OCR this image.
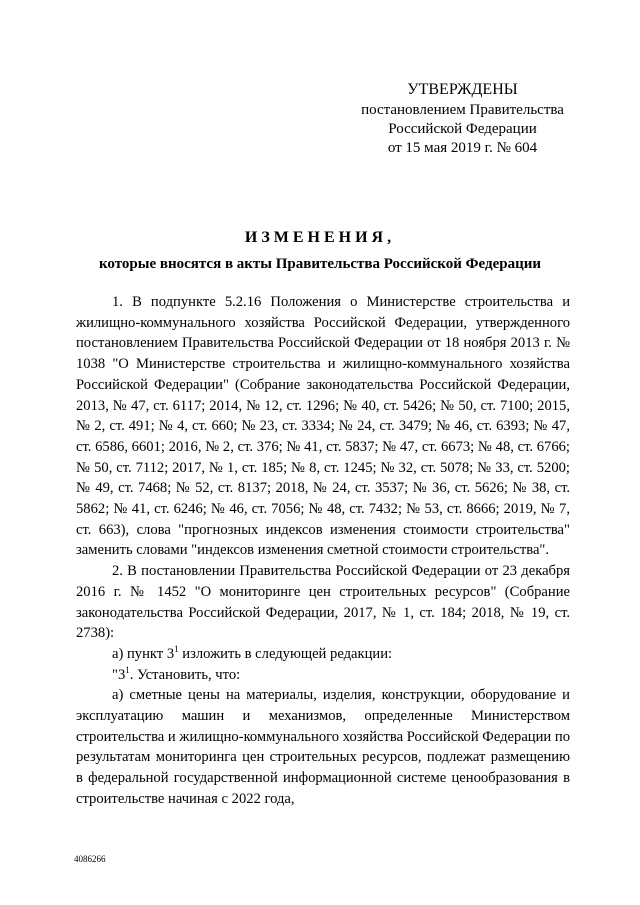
УТВЕРЖДЕНЫ
постановлением Правительства
Российской Федерации
от 15 мая 2019 г. № 604
ИЗМЕНЕНИЯ,
которые вносятся в акты Правительства Российской Федерации

1. В подпункте 5.2.16 Положения о Министерстве строительства и жилищно-коммунального хозяйства Российской Федерации, утвержденного постановлением Правительства Российской Федерации от 18 ноября 2013 г. № 1038 "О Министерстве строительства и жилищно-коммунального хозяйства Российской Федерации" (Собрание законодательства Российской Федерации, 2013, № 47, ст. 6117; 2014, № 12, ст. 1296; № 40, ст. 5426; № 50, ст. 7100; 2015, № 2, ст. 491; № 4, ст. 660; № 23, ст. 3334; № 24, ст. 3479; № 46, ст. 6393; № 47, ст. 6586, 6601; 2016, № 2, ст. 376; № 41, ст. 5837; № 47, ст. 6673; № 48, ст. 6766; № 50, ст. 7112; 2017, № 1, ст. 185; № 8, ст. 1245; № 32, ст. 5078; № 33, ст. 5200; № 49, ст. 7468; № 52, ст. 8137; 2018, № 24, ст. 3537; № 36, ст. 5626; № 38, ст. 5862; № 41, ст. 6246; № 46, ст. 7056; № 48, ст. 7432; № 53, ст. 8666; 2019, № 7, ст. 663), слова "прогнозных индексов изменения стоимости строительства" заменить словами "индексов изменения сметной стоимости строительства".

2. В постановлении Правительства Российской Федерации от 23 декабря 2016 г. № 1452 "О мониторинге цен строительных ресурсов" (Собрание законодательства Российской Федерации, 2017, № 1, ст. 184; 2018, № 19, ст. 2738):

а) пункт $3^1$ изложить в следующей редакции:

"$3^1$. Установить, что:

а) сметные цены на материалы, изделия, конструкции, оборудование и эксплуатацию машин и механизмов, определенные Министерством строительства и жилищно-коммунального хозяйства Российской Федерации по результатам мониторинга цен строительных ресурсов, подлежат размещению в федеральной государственной информационной системе ценообразования в строительстве начиная с 2022 года,

4086266
